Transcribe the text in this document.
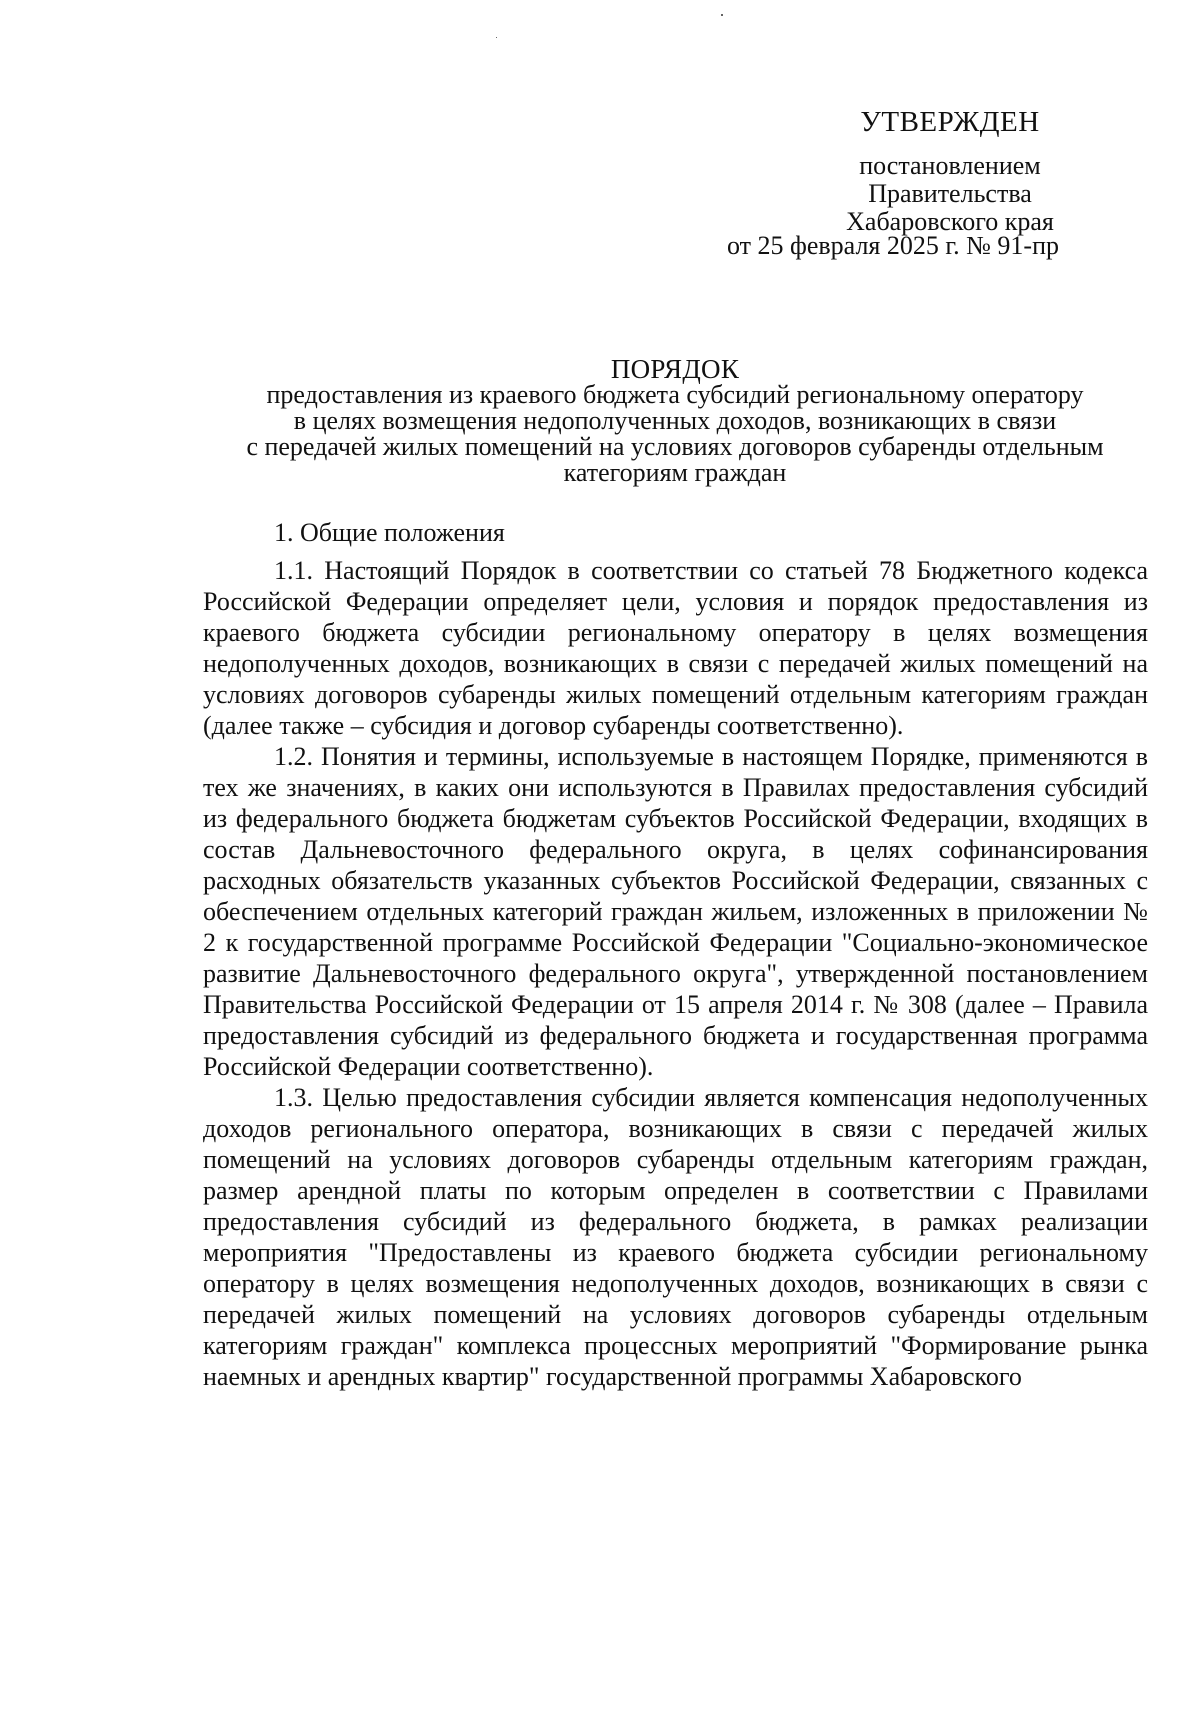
УТВЕРЖДЕН
постановлением
Правительства
Хабаровского края
от 25 февраля 2025 г. № 91-пр
ПОРЯДОК
предоставления из краевого бюджета субсидий региональному оператору
в целях возмещения недополученных доходов, возникающих в связи
с передачей жилых помещений на условиях договоров субаренды отдельным
категориям граждан
1. Общие положения

1.1. Настоящий Порядок в соответствии со статьей 78 Бюджетного кодекса Российской Федерации определяет цели, условия и порядок предоставления из краевого бюджета субсидии региональному оператору в целях возмещения недополученных доходов, возникающих в связи с передачей жилых помещений на условиях договоров субаренды жилых помещений отдельным категориям граждан (далее также – субсидия и договор субаренды соответственно).

1.2. Понятия и термины, используемые в настоящем Порядке, применяются в тех же значениях, в каких они используются в Правилах предоставления субсидий из федерального бюджета бюджетам субъектов Российской Федерации, входящих в состав Дальневосточного федерального округа, в целях софинансирования расходных обязательств указанных субъектов Российской Федерации, связанных с обеспечением отдельных категорий граждан жильем, изложенных в приложении № 2 к государственной программе Российской Федерации "Социально-экономическое развитие Дальневосточного федерального округа", утвержденной постановлением Правительства Российской Федерации от 15 апреля 2014 г. № 308 (далее – Правила предоставления субсидий из федерального бюджета и государственная программа Российской Федерации соответственно).

1.3. Целью предоставления субсидии является компенсация недополученных доходов регионального оператора, возникающих в связи с передачей жилых помещений на условиях договоров субаренды отдельным категориям граждан, размер арендной платы по которым определен в соответствии с Правилами предоставления субсидий из федерального бюджета, в рамках реализации мероприятия "Предоставлены из краевого бюджета субсидии региональному оператору в целях возмещения недополученных доходов, возникающих в связи с передачей жилых помещений на условиях договоров субаренды отдельным категориям граждан" комплекса процессных мероприятий "Формирование рынка наемных и арендных квартир" государственной программы Хабаровского
